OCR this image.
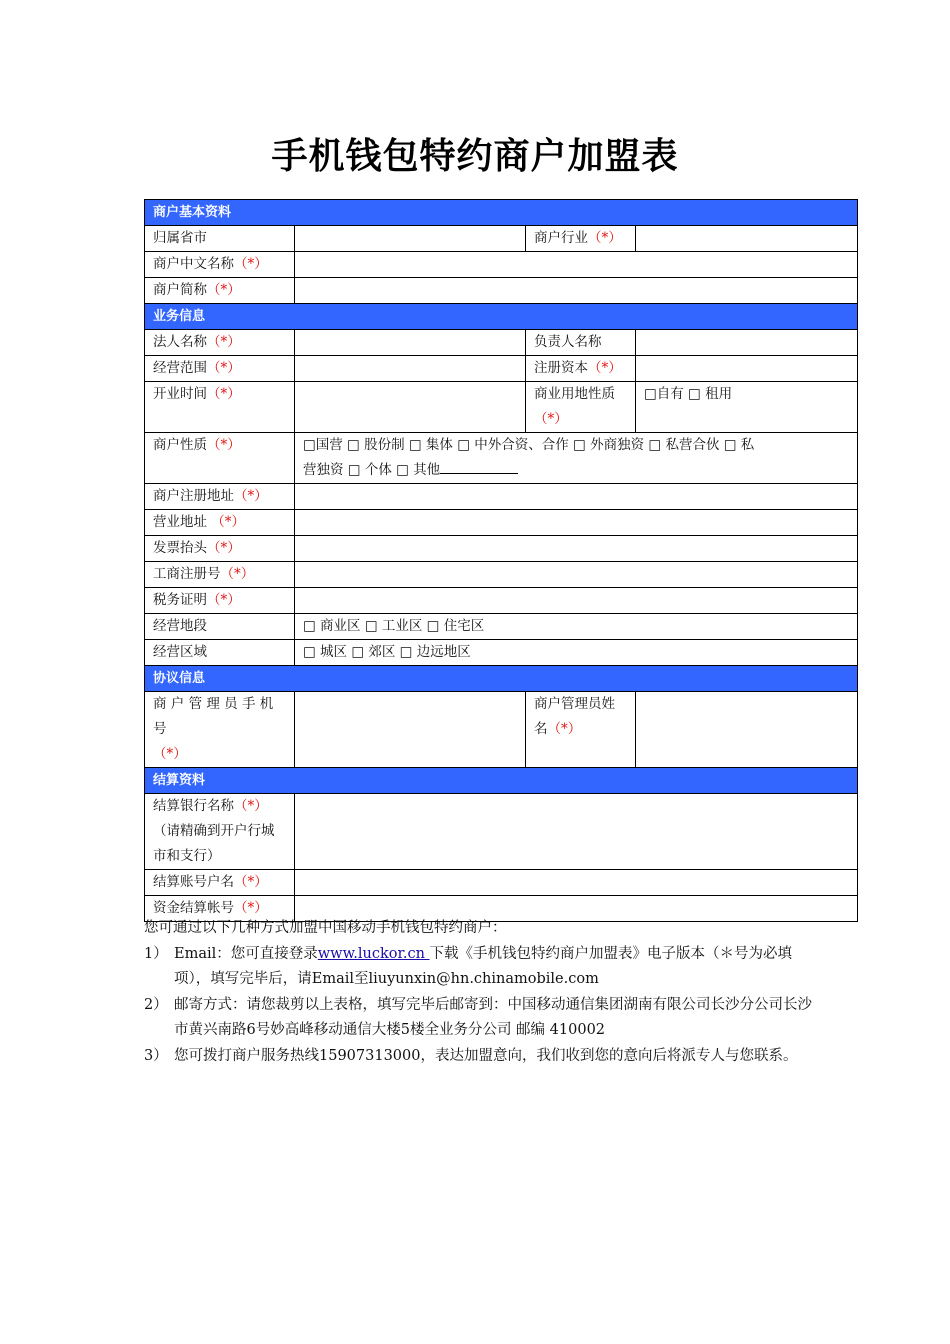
手机钱包特约商户加盟表
商户基本资料			
归属省市		商户行业（*）	
商户中文名称（*）			
商户简称（*）			
业务信息			
法人名称（*）		负责人名称	
经营范围（*）		注册资本（*）	
开业时间（*）		商业用地性质
（*）	□自有 □ 租用
商户性质（*）	□国营 □ 股份制 □ 集体 □ 中外合资、合作 □ 外商独资 □ 私营合伙 □ 私
营独资 □ 个体 □ 其他		

商户注册地址（*）			
营业地址 （*）			
发票抬头（*）			
工商注册号（*）			
税务证明（*）			
经营地段	□ 商业区 □ 工业区 □ 住宅区		
经营区域	□ 城区 □ 郊区 □ 边远地区		
协议信息			
商 户 管 理 员 手 机 号
（*）		商户管理员姓
名（*）	
结算资料			
结算银行名称（*）
（请精确到开户行城市和支行）			
结算账号户名（*）			
资金结算帐号（*）			
您可通过以下几种方式加盟中国移动手机钱包特约商户：
1） Email：您可直接登录www.luckor.cn 下载《手机钱包特约商户加盟表》电子版本（＊号为必填项），填写完毕后，请Email至liuyunxin@hn.chinamobile.com
2） 邮寄方式：请您裁剪以上表格，填写完毕后邮寄到：中国移动通信集团湖南有限公司长沙分公司长沙市黄兴南路6号妙高峰移动通信大楼5楼全业务分公司 邮编 410002
3） 您可拨打商户服务热线15907313000，表达加盟意向，我们收到您的意向后将派专人与您联系。
